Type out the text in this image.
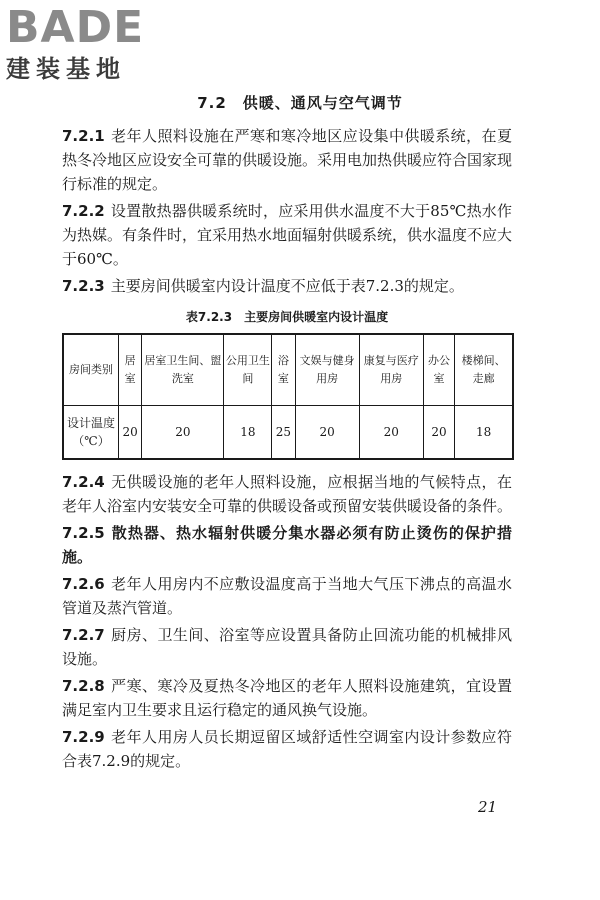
BADE
建装基地
7.2　供暖、通风与空气调节
7.2.1 老年人照料设施在严寒和寒冷地区应设集中供暖系统，在夏热冬冷地区应设安全可靠的供暖设施。采用电加热供暖应符合国家现行标准的规定。
7.2.2 设置散热器供暖系统时，应采用供水温度不大于85℃热水作为热媒。有条件时，宜采用热水地面辐射供暖系统，供水温度不应大于60℃。
7.2.3 主要房间供暖室内设计温度不应低于表7.2.3的规定。
表7.2.3　主要房间供暖室内设计温度
房间类别	居室	居室卫生间、盥洗室	公用卫生间	浴室	文娱与健身用房	康复与医疗用房	办公室	楼梯间、走廊
设计温度（℃）	20	20	18	25	20	20	20	18
7.2.4 无供暖设施的老年人照料设施，应根据当地的气候特点，在老年人浴室内安装安全可靠的供暖设备或预留安装供暖设备的条件。
7.2.5 散热器、热水辐射供暖分集水器必须有防止烫伤的保护措施。
7.2.6 老年人用房内不应敷设温度高于当地大气压下沸点的高温水管道及蒸汽管道。
7.2.7 厨房、卫生间、浴室等应设置具备防止回流功能的机械排风设施。
7.2.8 严寒、寒冷及夏热冬冷地区的老年人照料设施建筑，宜设置满足室内卫生要求且运行稳定的通风换气设施。
7.2.9 老年人用房人员长期逗留区域舒适性空调室内设计参数应符合表7.2.9的规定。
21
